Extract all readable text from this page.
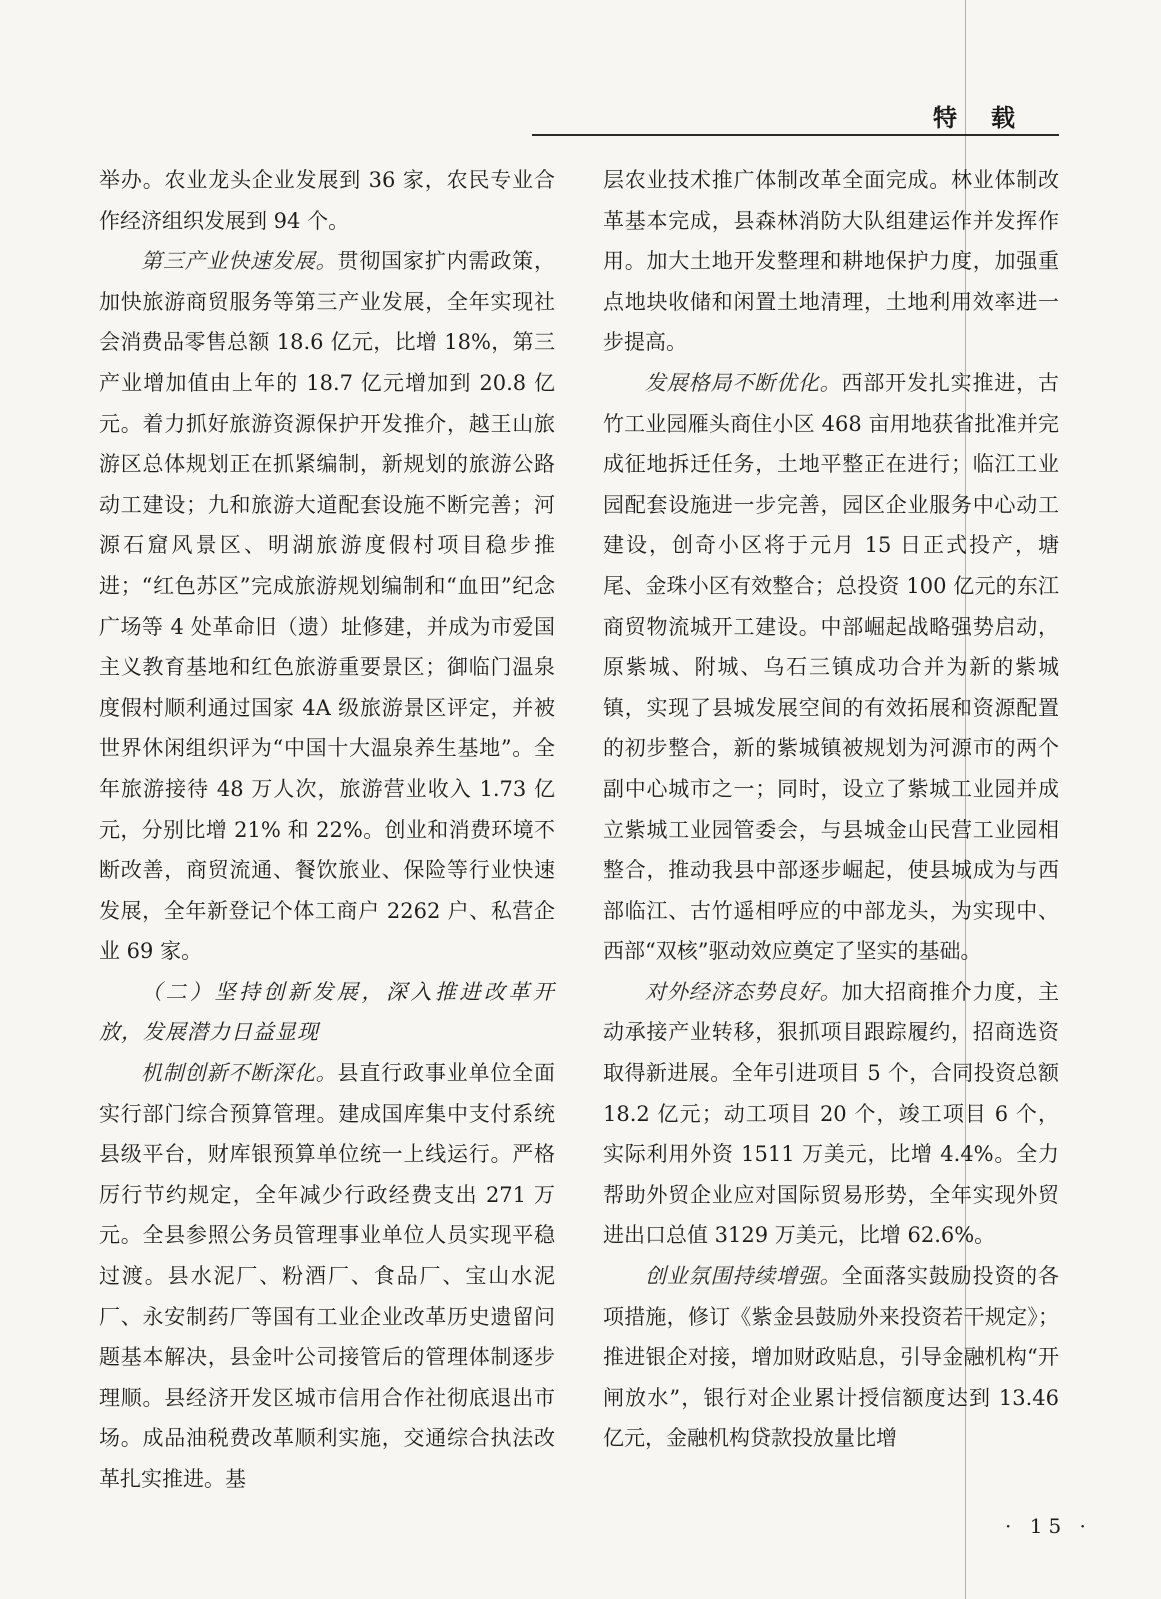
特载

举办。农业龙头企业发展到 36 家，农民专业合作经济组织发展到 94 个。

第三产业快速发展。贯彻国家扩内需政策，加快旅游商贸服务等第三产业发展，全年实现社会消费品零售总额 18.6 亿元，比增 18%，第三产业增加值由上年的 18.7 亿元增加到 20.8 亿元。着力抓好旅游资源保护开发推介，越王山旅游区总体规划正在抓紧编制，新规划的旅游公路动工建设；九和旅游大道配套设施不断完善；河源石窟风景区、明湖旅游度假村项目稳步推进；“红色苏区”完成旅游规划编制和“血田”纪念广场等 4 处革命旧（遗）址修建，并成为市爱国主义教育基地和红色旅游重要景区；御临门温泉度假村顺利通过国家 4A 级旅游景区评定，并被世界休闲组织评为“中国十大温泉养生基地”。全年旅游接待 48 万人次，旅游营业收入 1.73 亿元，分别比增 21% 和 22%。创业和消费环境不断改善，商贸流通、餐饮旅业、保险等行业快速发展，全年新登记个体工商户 2262 户、私营企业 69 家。

（二）坚持创新发展，深入推进改革开放，发展潜力日益显现

机制创新不断深化。县直行政事业单位全面实行部门综合预算管理。建成国库集中支付系统县级平台，财库银预算单位统一上线运行。严格厉行节约规定，全年减少行政经费支出 271 万元。全县参照公务员管理事业单位人员实现平稳过渡。县水泥厂、粉酒厂、食品厂、宝山水泥厂、永安制药厂等国有工业企业改革历史遗留问题基本解决，县金叶公司接管后的管理体制逐步理顺。县经济开发区城市信用合作社彻底退出市场。成品油税费改革顺利实施，交通综合执法改革扎实推进。基

层农业技术推广体制改革全面完成。林业体制改革基本完成，县森林消防大队组建运作并发挥作用。加大土地开发整理和耕地保护力度，加强重点地块收储和闲置土地清理，土地利用效率进一步提高。

发展格局不断优化。西部开发扎实推进，古竹工业园雁头商住小区 468 亩用地获省批准并完成征地拆迁任务，土地平整正在进行；临江工业园配套设施进一步完善，园区企业服务中心动工建设，创奇小区将于元月 15 日正式投产，塘尾、金珠小区有效整合；总投资 100 亿元的东江商贸物流城开工建设。中部崛起战略强势启动，原紫城、附城、乌石三镇成功合并为新的紫城镇，实现了县城发展空间的有效拓展和资源配置的初步整合，新的紫城镇被规划为河源市的两个副中心城市之一；同时，设立了紫城工业园并成立紫城工业园管委会，与县城金山民营工业园相整合，推动我县中部逐步崛起，使县城成为与西部临江、古竹遥相呼应的中部龙头，为实现中、西部“双核”驱动效应奠定了坚实的基础。

对外经济态势良好。加大招商推介力度，主动承接产业转移，狠抓项目跟踪履约，招商选资取得新进展。全年引进项目 5 个，合同投资总额 18.2 亿元；动工项目 20 个，竣工项目 6 个，实际利用外资 1511 万美元，比增 4.4%。全力帮助外贸企业应对国际贸易形势，全年实现外贸进出口总值 3129 万美元，比增 62.6%。

创业氛围持续增强。全面落实鼓励投资的各项措施，修订《紫金县鼓励外来投资若干规定》；推进银企对接，增加财政贴息，引导金融机构“开闸放水”，银行对企业累计授信额度达到 13.46 亿元，金融机构贷款投放量比增

· 15 ·
